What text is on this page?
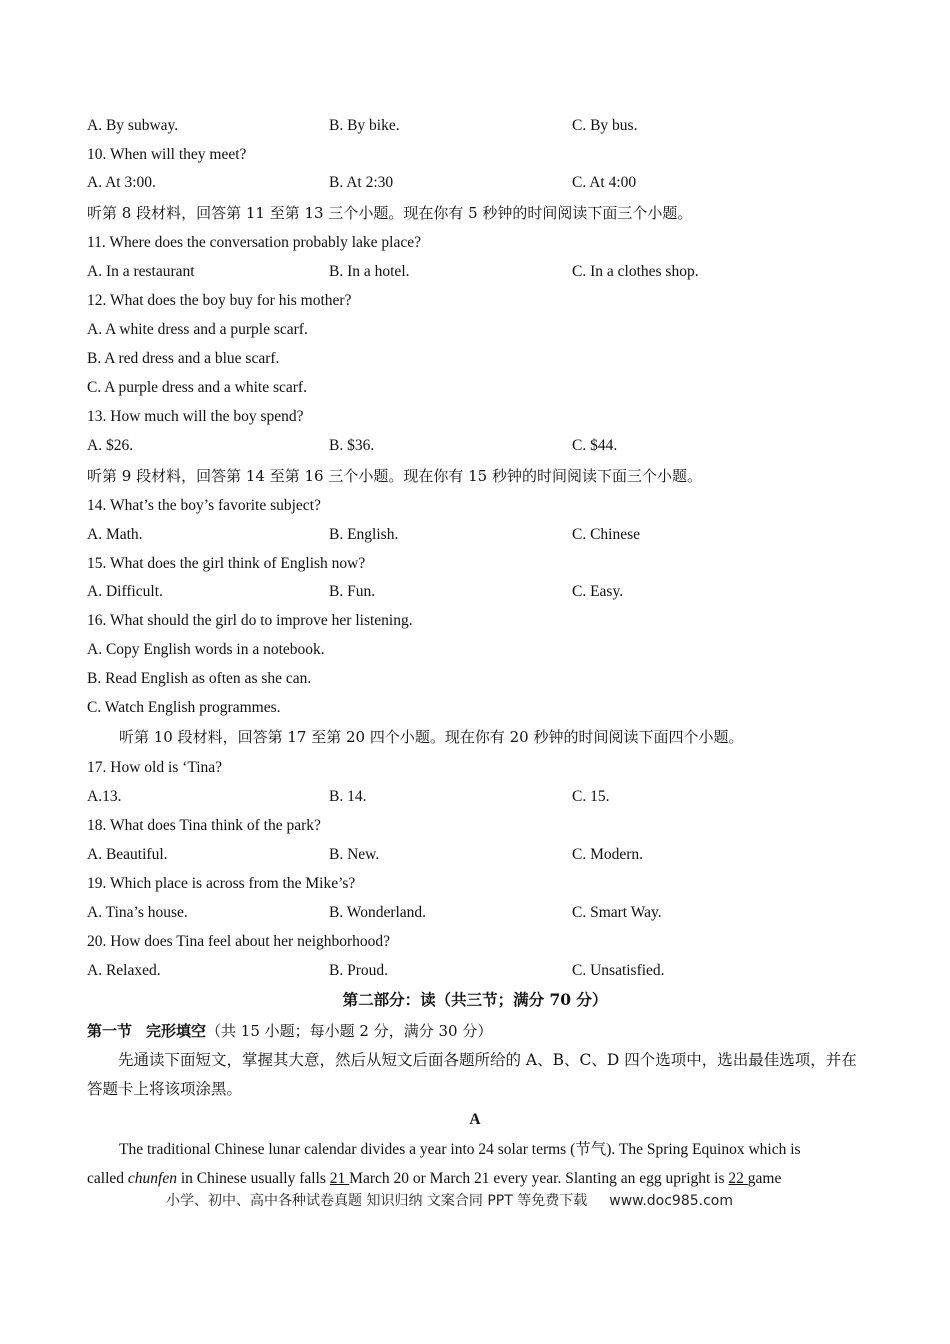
A. By subway.	B. By bike.	C. By bus.
10. When will they meet?
A. At 3:00.	B. At 2:30	C. At 4:00
听第 8 段材料，回答第 11 至第 13 三个小题。现在你有 5 秒钟的时间阅读下面三个小题。
11. Where does the conversation probably lake place?
A. In a restaurant	B. In a hotel.	C. In a clothes shop.
12. What does the boy buy for his mother?
A. A white dress and a purple scarf.
B. A red dress and a blue scarf.
C. A purple dress and a white scarf.
13. How much will the boy spend?
A. $26.	B. $36.	C. $44.
听第 9 段材料，回答第 14 至第 16 三个小题。现在你有 15 秒钟的时间阅读下面三个小题。
14. What’s the boy’s favorite subject?
A. Math.	B. English.	C. Chinese
15. What does the girl think of English now?
A. Difficult.	B. Fun.	C. Easy.
16. What should the girl do to improve her listening.
A. Copy English words in a notebook.
B. Read English as often as she can.
C. Watch English programmes.
听第 10 段材料，回答第 17 至第 20 四个小题。现在你有 20 秒钟的时间阅读下面四个小题。
17. How old is ‘Tina?
A.13.	B. 14.	C. 15.
18. What does Tina think of the park?
A. Beautiful.	B. New.	C. Modern.
19. Which place is across from the Mike’s?
A. Tina’s house.	B. Wonderland.	C. Smart Way.
20. How does Tina feel about her neighborhood?
A. Relaxed.	B. Proud.	C. Unsatisfied.
第二部分：读（共三节；满分 70 分）
第一节 完形填空（共 15 小题；每小题 2 分，满分 30 分）
先通读下面短文，掌握其大意，然后从短文后面各题所给的 A、B、C、D 四个选项中，选出最佳选项，并在答题卡上将该项涂黑。
A
The traditional Chinese lunar calendar divides a year into 24 solar terms (节气). The Spring Equinox which is
called chunfen in Chinese usually falls 21 March 20 or March 21 every year. Slanting an egg upright is 22 game
小学、初中、高中各种试卷真题 知识归纳 文案合同 PPT 等免费下载 www.doc985.com
